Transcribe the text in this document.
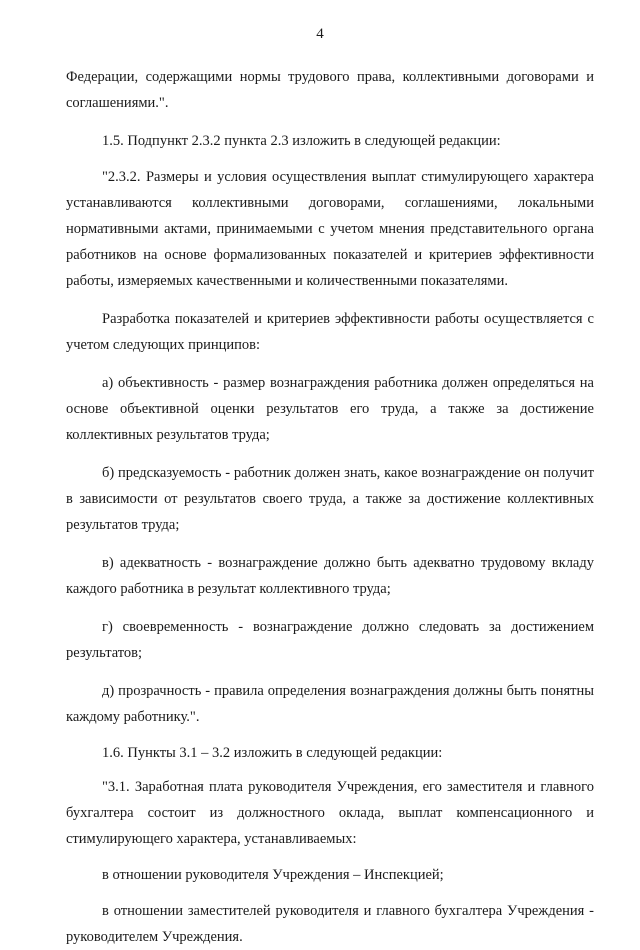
4

Федерации, содержащими нормы трудового права, коллективными договорами и соглашениями.".

1.5. Подпункт 2.3.2 пункта 2.3 изложить в следующей редакции:

"2.3.2. Размеры и условия осуществления выплат стимулирующего характера устанавливаются коллективными договорами, соглашениями, локальными нормативными актами, принимаемыми с учетом мнения представительного органа работников на основе формализованных показателей и критериев эффективности работы, измеряемых качественными и количественными показателями.

Разработка показателей и критериев эффективности работы осуществляется с учетом следующих принципов:

а) объективность - размер вознаграждения работника должен определяться на основе объективной оценки результатов его труда, а также за достижение коллективных результатов труда;

б) предсказуемость - работник должен знать, какое вознаграждение он получит в зависимости от результатов своего труда, а также за достижение коллективных результатов труда;

в) адекватность - вознаграждение должно быть адекватно трудовому вкладу каждого работника в результат коллективного труда;

г) своевременность - вознаграждение должно следовать за достижением результатов;

д) прозрачность - правила определения вознаграждения должны быть понятны каждому работнику.".

1.6. Пункты 3.1 – 3.2 изложить в следующей редакции:

"3.1. Заработная плата руководителя Учреждения, его заместителя и главного бухгалтера состоит из должностного оклада, выплат компенсационного и стимулирующего характера, устанавливаемых:

в отношении руководителя Учреждения – Инспекцией;

в отношении заместителей руководителя и главного бухгалтера Учреждения - руководителем Учреждения.
